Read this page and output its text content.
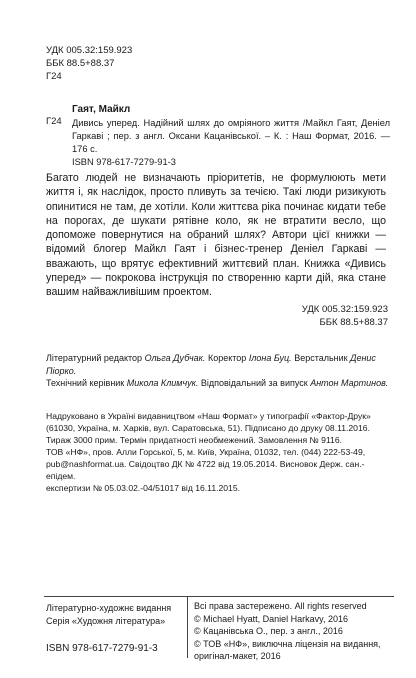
УДК 005.32:159.923
ББК 88.5+88.37
Г24
Г24
Гаят, Майкл
Дивись уперед. Надійний шлях до омріяного життя /Майкл Гаят, Деніел Гаркаві ; пер. з англ. Оксани Кацанівської. – К. : Наш Формат, 2016. — 176 с.
ISBN 978-617-7279-91-3

Багато людей не визначають пріоритетів, не формулюють мети життя і, як наслідок, просто пливуть за течією. Такі люди ризикують опинитися не там, де хотіли. Коли життєва ріка починає кидати тебе на порогах, де шукати рятівне коло, як не втратити весло, що допоможе повернутися на обраний шлях? Автори цієї книжки — відомий блогер Майкл Гаят і бізнес-тренер Деніел Гаркаві — вважають, що врятує ефективний життєвий план. Книжка «Дивись уперед» — покрокова інструкція по створенню карти дій, яка стане вашим найважливішим проектом.

УДК 005.32:159.923
ББК 88.5+88.37
Літературний редактор Ольга Дубчак. Коректор Ілона Буц. Верстальник Денис Піорко.
Технічний керівник Микола Климчук. Відповідальний за випуск Антон Мартинов.
Надруковано в Україні видавництвом «Наш Формат» у типографії «Фактор-Друк»
(61030, Україна, м. Харків, вул. Саратовська, 51). Підписано до друку 08.11.2016.
Тираж 3000 прим. Термін придатності необмежений. Замовлення № 9116.
ТОВ «НФ», пров. Алли Горської, 5, м. Київ, Україна, 01032, тел. (044) 222-53-49,
pub@nashformat.ua. Свідоцтво ДК № 4722 від 19.05.2014. Висновок Держ. сан.-епідем.
експертизи № 05.03.02.-04/51017 від 16.11.2015.
Літературно-художнє видання
Серія «Художня література»
ISBN 978-617-7279-91-3
Всі права застережено. All rights reserved
© Michael Hyatt, Daniel Harkavy, 2016
© Кацанівська О., пер. з англ., 2016
© ТОВ «НФ», виключна ліцензія на видання,
оригінал-макет, 2016
